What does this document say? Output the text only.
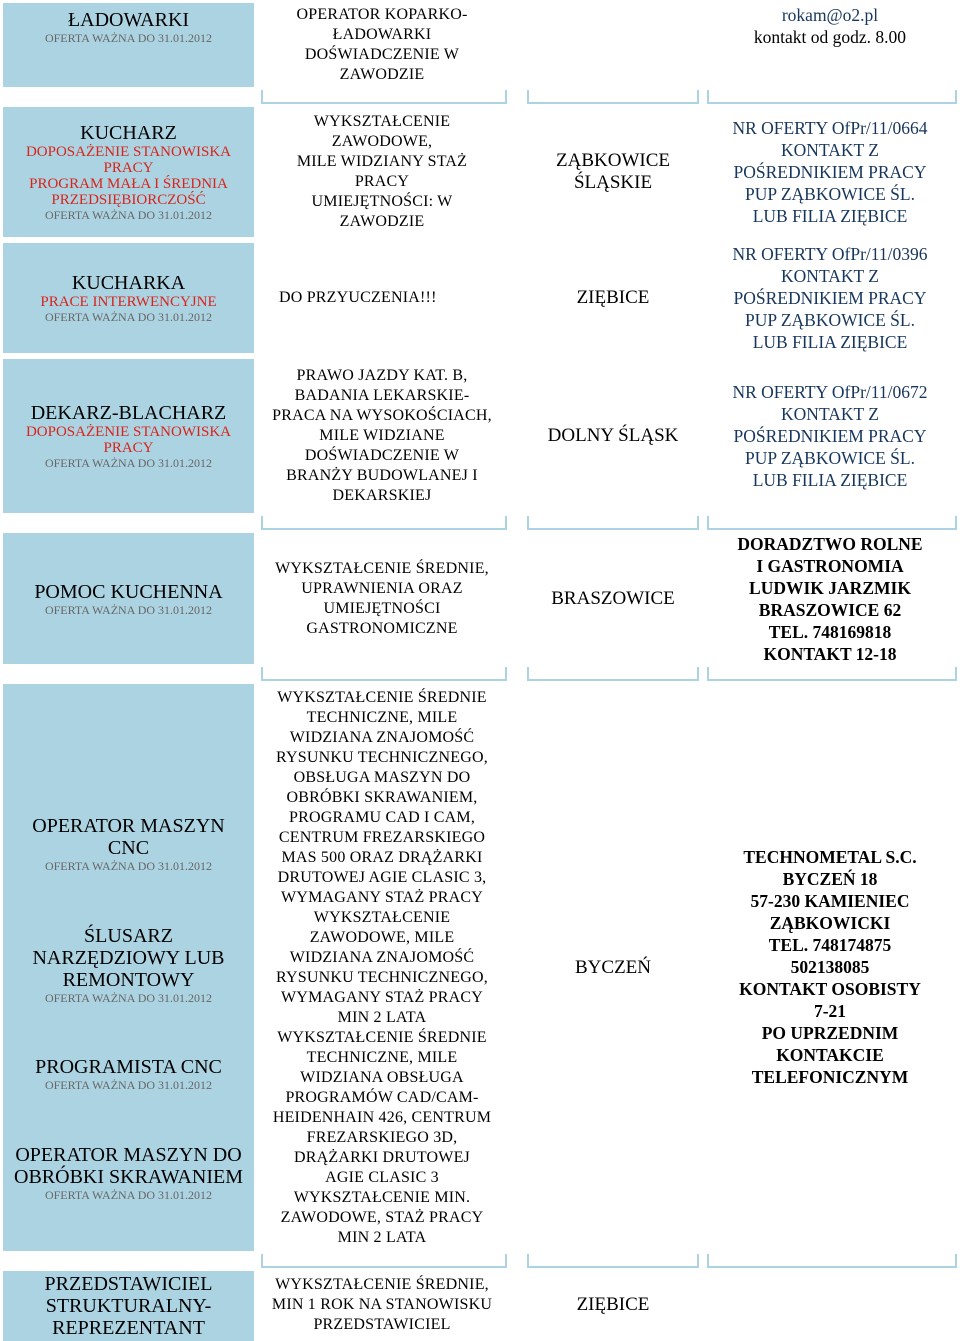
ŁADOWARKI
OFERTA WAŻNA DO 31.01.2012
OPERATOR KOPARKO-
ŁADOWARKI
DOŚWIADCZENIE W
ZAWODZIE
rokam@o2.pl
kontakt od godz. 8.00
KUCHARZ
DOPOSAŻENIE STANOWISKA
PRACY
PROGRAM MAŁA I ŚREDNIA
PRZEDSIĘBIORCZOŚĆ
OFERTA WAŻNA DO 31.01.2012
WYKSZTAŁCENIE
ZAWODOWE,
MILE WIDZIANY STAŻ
PRACY
UMIEJĘTNOŚCI: W
ZAWODZIE
ZĄBKOWICE
ŚLĄSKIE
NR OFERTY OfPr/11/0664
KONTAKT Z
POŚREDNIKIEM PRACY
PUP ZĄBKOWICE ŚL.
LUB FILIA ZIĘBICE
KUCHARKA
PRACE INTERWENCYJNE
OFERTA WAŻNA DO 31.01.2012
DO PRZYUCZENIA!!!	ZIĘBICE
NR OFERTY OfPr/11/0396
KONTAKT Z
POŚREDNIKIEM PRACY
PUP ZĄBKOWICE ŚL.
LUB FILIA ZIĘBICE
DEKARZ-BLACHARZ
DOPOSAŻENIE STANOWISKA
PRACY
OFERTA WAŻNA DO 31.01.2012
PRAWO JAZDY KAT. B,
BADANIA LEKARSKIE-
PRACA NA WYSOKOŚCIACH,
MILE WIDZIANE
DOŚWIADCZENIE W
BRANŻY BUDOWLANEJ I
DEKARSKIEJ
DOLNY ŚLĄSK
NR OFERTY OfPr/11/0672
KONTAKT Z
POŚREDNIKIEM PRACY
PUP ZĄBKOWICE ŚL.
LUB FILIA ZIĘBICE
POMOC KUCHENNA
OFERTA WAŻNA DO 31.01.2012
WYKSZTAŁCENIE ŚREDNIE,
UPRAWNIENIA ORAZ
UMIEJĘTNOŚCI
GASTRONOMICZNE
BRASZOWICE
DORADZTWO ROLNE
I GASTRONOMIA
LUDWIK JARZMIK
BRASZOWICE 62
TEL. 748169818
KONTAKT 12-18
OPERATOR MASZYN
CNC
OFERTA WAŻNA DO 31.01.2012
ŚLUSARZ
NARZĘDZIOWY LUB
REMONTOWY
OFERTA WAŻNA DO 31.01.2012
PROGRAMISTA CNC
OFERTA WAŻNA DO 31.01.2012
OPERATOR MASZYN DO
OBRÓBKI SKRAWANIEM
OFERTA WAŻNA DO 31.01.2012
WYKSZTAŁCENIE ŚREDNIE
TECHNICZNE, MILE
WIDZIANA ZNAJOMOŚĆ
RYSUNKU TECHNICZNEGO,
OBSŁUGA MASZYN DO
OBRÓBKI SKRAWANIEM,
PROGRAMU CAD I CAM,
CENTRUM FREZARSKIEGO
MAS 500 ORAZ DRĄŻARKI
DRUTOWEJ AGIE CLASIC 3,
WYMAGANY STAŻ PRACY
WYKSZTAŁCENIE
ZAWODOWE, MILE
WIDZIANA ZNAJOMOŚĆ
RYSUNKU TECHNICZNEGO,
WYMAGANY STAŻ PRACY
MIN 2 LATA
WYKSZTAŁCENIE ŚREDNIE
TECHNICZNE, MILE
WIDZIANA OBSŁUGA
PROGRAMÓW CAD/CAM-
HEIDENHAIN 426, CENTRUM
FREZARSKIEGO 3D,
DRĄŻARKI DRUTOWEJ
AGIE CLASIC 3
WYKSZTAŁCENIE MIN.
ZAWODOWE, STAŻ PRACY
MIN 2 LATA
BYCZEŃ
TECHNOMETAL S.C.
BYCZEŃ 18
57-230 KAMIENIEC
ZĄBKOWICKI
TEL. 748174875
502138085
KONTAKT OSOBISTY
7-21
PO UPRZEDNIM
KONTAKCIE
TELEFONICZNYM
PRZEDSTAWICIEL
STRUKTURALNY-
REPREZENTANT
WYKSZTAŁCENIE ŚREDNIE,
MIN 1 ROK NA STANOWISKU
PRZEDSTAWICIEL
ZIĘBICE
